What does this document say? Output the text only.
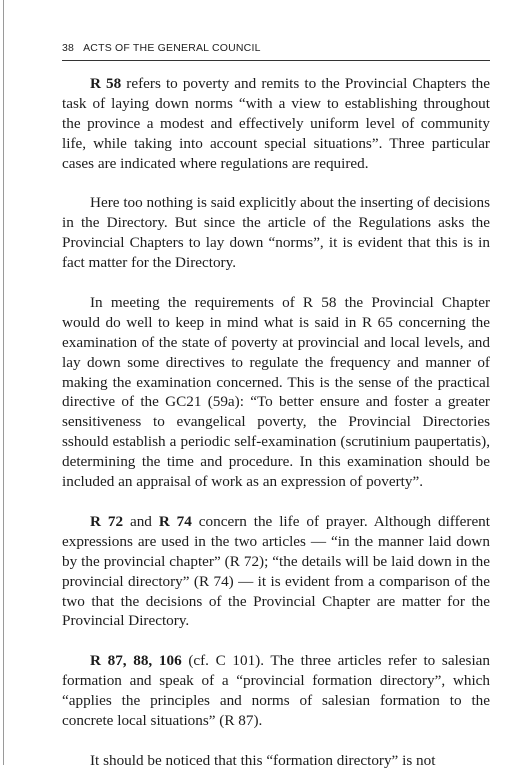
38 ACTS OF THE GENERAL COUNCIL

R 58 refers to poverty and remits to the Provincial Chapters the task of laying down norms “with a view to establishing throughout the province a modest and effectively uniform level of community life, while taking into account special situations”. Three particular cases are indicated where regulations are required.

Here too nothing is said explicitly about the inserting of decisions in the Directory. But since the article of the Regulations asks the Provincial Chapters to lay down “norms”, it is evident that this is in fact matter for the Directory.

In meeting the requirements of R 58 the Provincial Chapter would do well to keep in mind what is said in R 65 concerning the examination of the state of poverty at provincial and local levels, and lay down some directives to regulate the frequency and manner of making the examination concerned. This is the sense of the practical directive of the GC21 (59a): “To better ensure and foster a greater sensitiveness to evangelical poverty, the Provincial Directories sshould establish a periodic self-examination (scrutinium paupertatis), determining the time and procedure. In this examination should be included an appraisal of work as an expression of poverty”.

R 72 and R 74 concern the life of prayer. Although different expressions are used in the two articles — “in the manner laid down by the provincial chapter” (R 72); “the details will be laid down in the provincial directory” (R 74) — it is evident from a comparison of the two that the decisions of the Provincial Chapter are matter for the Provincial Directory.

R 87, 88, 106 (cf. C 101). The three articles refer to salesian formation and speak of a “provincial formation directory”, which “applies the principles and norms of salesian formation to the concrete local situations” (R 87).

It should be noticed that this “formation directory” is not
